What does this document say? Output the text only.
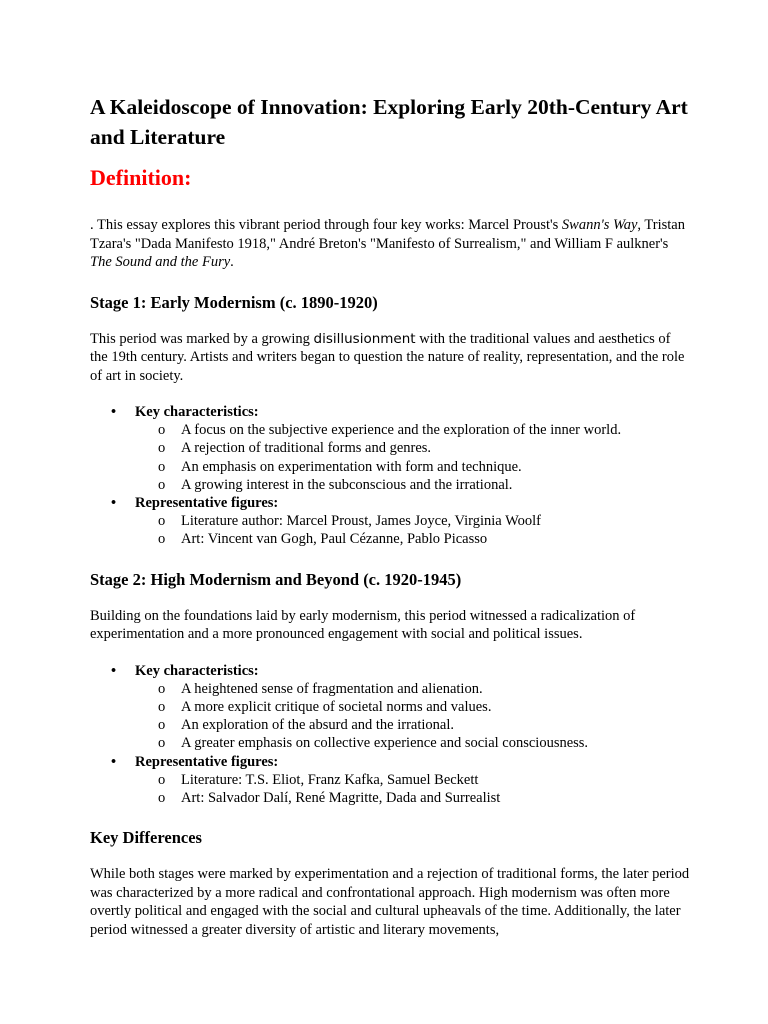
A Kaleidoscope of Innovation: Exploring Early 20th-Century Art and Literature
Definition:

. This essay explores this vibrant period through four key works: Marcel Proust's Swann's Way, Tristan Tzara's "Dada Manifesto 1918," André Breton's "Manifesto of Surrealism," and William F aulkner's The Sound and the Fury.

Stage 1: Early Modernism (c. 1890-1920)

This period was marked by a growing disillusionment with the traditional values and aesthetics of the 19th century. Artists and writers began to question the nature of reality, representation, and the role of art in society.

• Key characteristics:
o A focus on the subjective experience and the exploration of the inner world.
o A rejection of traditional forms and genres.
o An emphasis on experimentation with form and technique.
o A growing interest in the subconscious and the irrational.
• Representative figures:
o Literature author: Marcel Proust, James Joyce, Virginia Woolf
o Art: Vincent van Gogh, Paul Cézanne, Pablo Picasso
Stage 2: High Modernism and Beyond (c. 1920-1945)

Building on the foundations laid by early modernism, this period witnessed a radicalization of experimentation and a more pronounced engagement with social and political issues.

• Key characteristics:
o A heightened sense of fragmentation and alienation.
o A more explicit critique of societal norms and values.
o An exploration of the absurd and the irrational.
o A greater emphasis on collective experience and social consciousness.
• Representative figures:
o Literature: T.S. Eliot, Franz Kafka, Samuel Beckett
o Art: Salvador Dalí, René Magritte, Dada and Surrealist
Key Differences

While both stages were marked by experimentation and a rejection of traditional forms, the later period was characterized by a more radical and confrontational approach. High modernism was often more overtly political and engaged with the social and cultural upheavals of the time. Additionally, the later period witnessed a greater diversity of artistic and literary movements,
